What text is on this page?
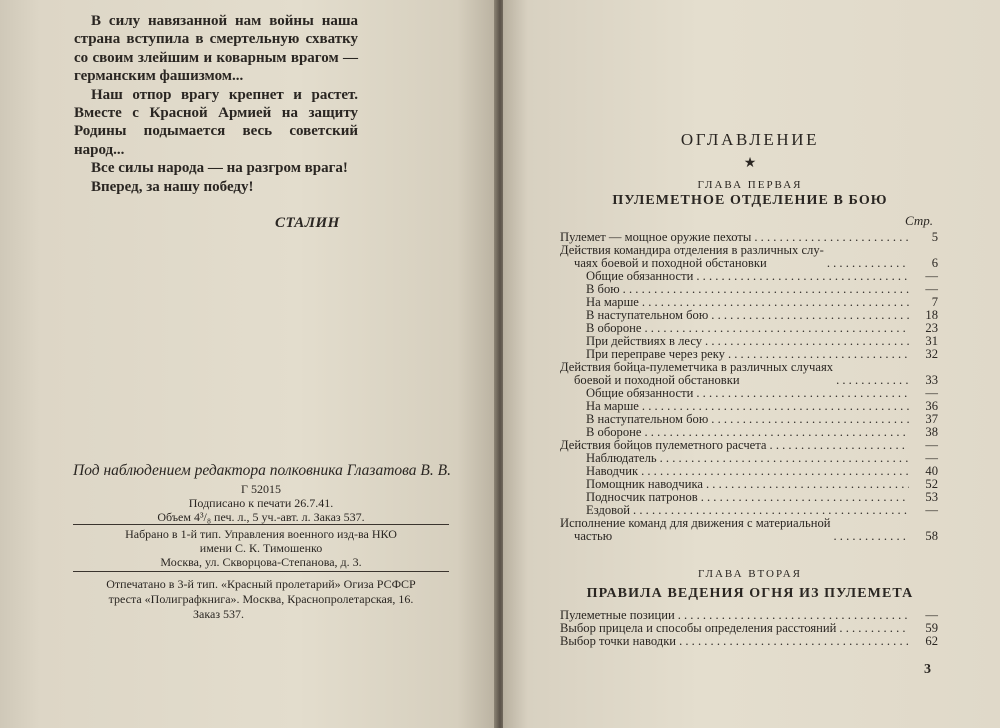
В силу навязанной нам войны наша страна вступила в смертельную схватку со своим злейшим и коварным врагом — германским фашизмом...

Наш отпор врагу крепнет и растет. Вместе с Красной Армией на защиту Родины подымается весь советский народ...

Все силы народа — на разгром врага!

Вперед, за нашу победу!

СТАЛИН
Под наблюдением редактора полковника Глазатова В. В.
Г 52015
Подписано к печати 26.7.41.
Объем 4³/₈ печ. л., 5 уч.-авт. л. Заказ 537.
Набрано в 1-й тип. Управления военного изд-ва НКО
имени С. К. Тимошенко
Москва, ул. Скворцова-Степанова, д. 3.
Отпечатано в 3-й тип. «Красный пролетарий» Огиза РСФСР
треста «Полиграфкнига». Москва, Краснопролетарская, 16.
Заказ 537.
ОГЛАВЛЕНИЕ
★
ГЛАВА ПЕРВАЯ
ПУЛЕМЕТНОЕ ОТДЕЛЕНИЕ В БОЮ
Стр.
Пулемет — мощное оружие пехоты . . .	5
Действия командира отделения в различных слу-
чаях боевой и походной обстановки . . .	6
Общие обязанности . . .	—
В бою . . .	—
На марше . . .	7
В наступательном бою . . .	18
В обороне . . .	23
При действиях в лесу . . .	31
При переправе через реку . . .	32
Действия бойца-пулеметчика в различных случаях
боевой и походной обстановки . . .	33
Общие обязанности . . .	—
На марше . . .	36
В наступательном бою . . .	37
В обороне . . .	38
Действия бойцов пулеметного расчета . . .	—
Наблюдатель . . .	—
Наводчик . . .	40
Помощник наводчика . . .	52
Подносчик патронов . . .	53
Ездовой . . .	—
Исполнение команд для движения с материальной
частью . . .	58
ГЛАВА ВТОРАЯ
ПРАВИЛА ВЕДЕНИЯ ОГНЯ ИЗ ПУЛЕМЕТА
Пулеметные позиции . . .	—
Выбор прицела и способы определения расстояний . . .	59
Выбор точки наводки . . .	62
3
